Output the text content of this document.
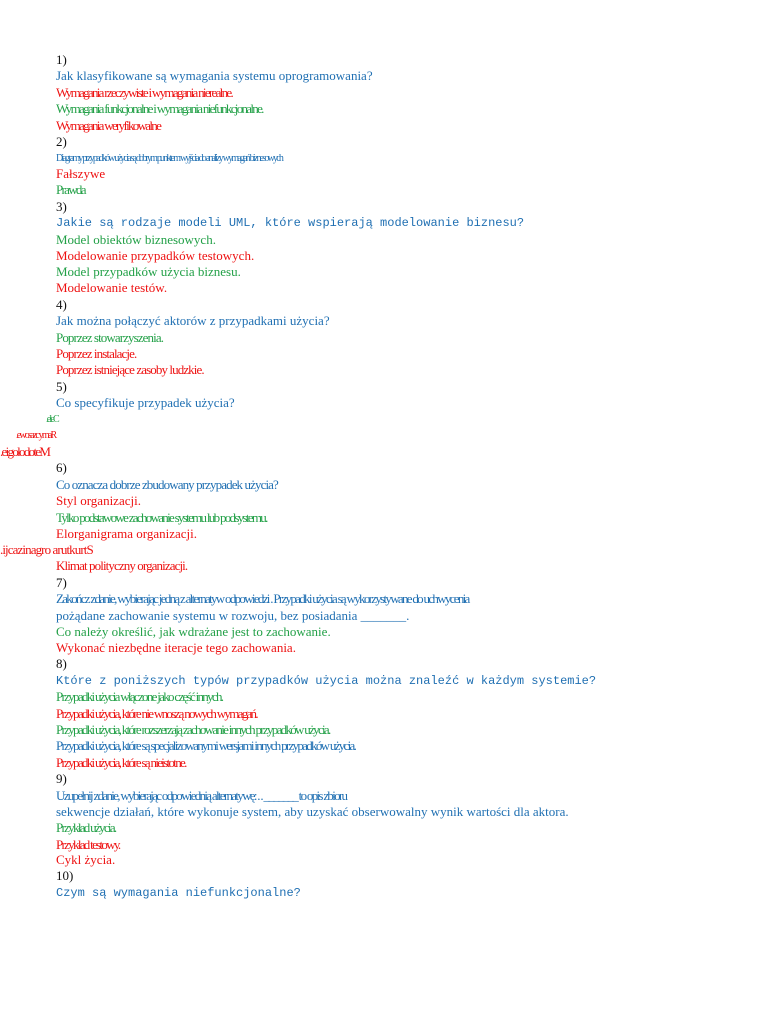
1)
Jak klasyfikowane są wymagania systemu oprogramowania?
Wymagania rzeczywiste i wymagania nierealne.
Wymagania funkcjonalne i wymagania niefunkcjonalne.
Wymagania weryfikowalne
2)
Diagramy przypadków użycia są dobrym punktem wyjścia do analizy wymagań biznesowych
Fałszywe
Prawda
3)
Jakie są rodzaje modeli UML, które wspierają modelowanie biznesu?
Model obiektów biznesowych.
Modelowanie przypadków testowych.
Model przypadków użycia biznesu.
Modelowanie testów.
4)
Jak można połączyć aktorów z przypadkami użycia?
Poprzez stowarzyszenia.
Poprzez instalacje.
Poprzez istniejące zasoby ludzkie.
5)
Co specyfikuje przypadek użycia?
Cele.
Ramy czasowe.
Metodologie.
6)
Co oznacza dobrze zbudowany przypadek użycia?
Styl organizacji.
Tylko podstawowe zachowanie systemu lub podsystemu.
Elorganigrama organizacji.
Struktura organizacji.
Klimat polityczny organizacji.
7)
Zakończ zdanie, wybierając jedną z alternatyw odpowiedzi . Przypadki użycia są wykorzystywane do uchwycenia
pożądane zachowanie systemu w rozwoju, bez posiadania _______.
Co należy określić, jak wdrażane jest to zachowanie.
Wykonać niezbędne iteracje tego zachowania.
8)
Które z poniższych typów przypadków użycia można znaleźć w każdym systemie?
Przypadki użycia włączone jako część innych.
Przypadki użycia, które nie wnoszą nowych wymagań.
Przypadki użycia, które rozszerzają zachowanie innych przypadków użycia.
Przypadki użycia, które są specjalizowanymi wersjami innych przypadków użycia.
Przypadki użycia, które są nieistotne.
9)
Uzupełnij zdanie, wybierając odpowiednią alternatywę: . . _______ to opis zbioru
sekwencje działań, które wykonuje system, aby uzyskać obserwowalny wynik wartości dla aktora.
Przykład użycia.
Przykład testowy.
Cykl życia.
10)
Czym są wymagania niefunkcjonalne?
